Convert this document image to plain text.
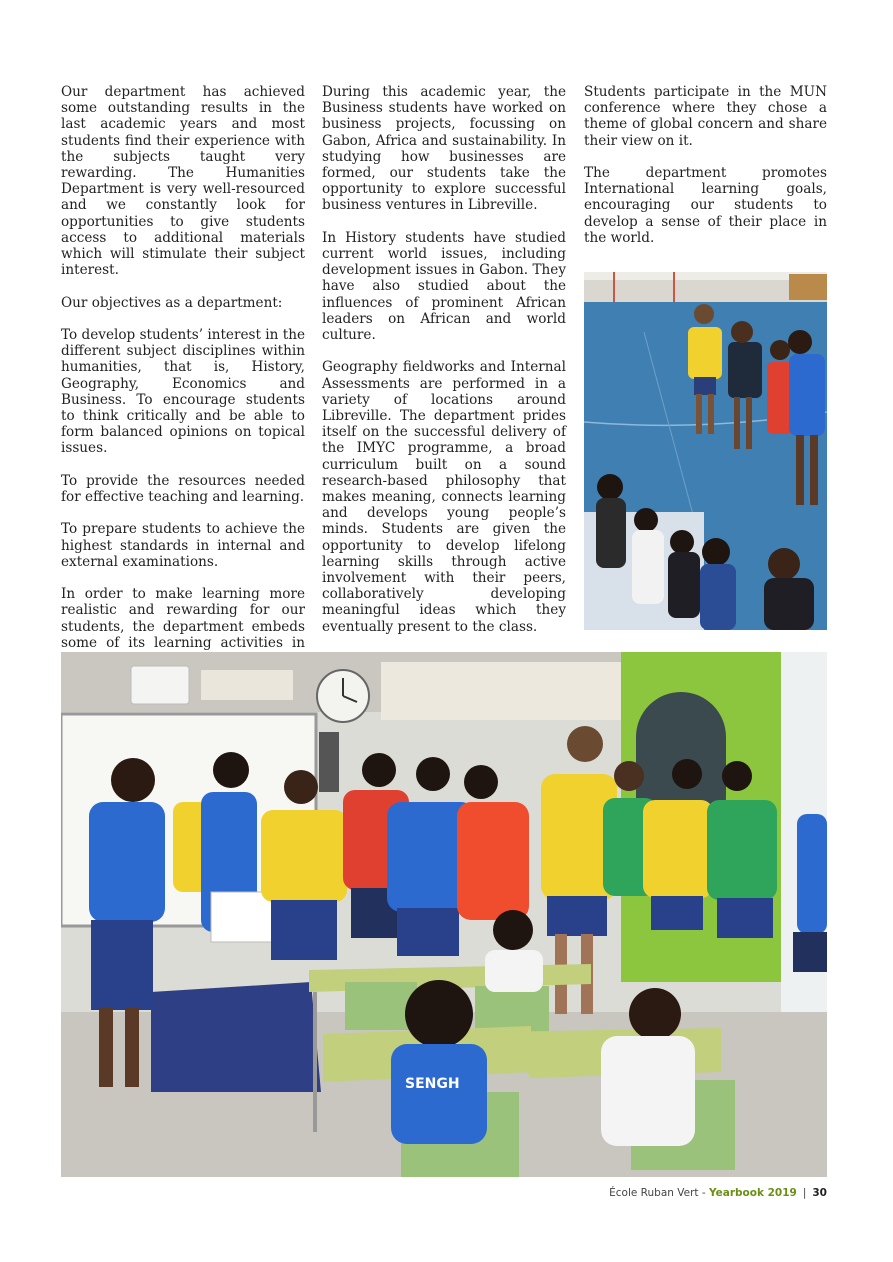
Our department has achieved some outstanding results in the last academic years and most students find their experience with the subjects taught very rewarding. The Humanities Department is very well-resourced and we constantly look for opportunities to give students access to additional materials which will stimulate their subject interest.

Our objectives as a department:

To develop students’ interest in the different subject disciplines within humanities, that is, History, Geography, Economics and Business. To encourage students to think critically and be able to form balanced opinions on topical issues.

To provide the resources needed for effective teaching and learning.

To prepare students to achieve the highest standards in internal and external examinations.

In order to make learning more realistic and rewarding for our students, the department embeds some of its learning activities in

During this academic year, the Business students have worked on business projects, focussing on Gabon, Africa and sustainability. In studying how businesses are formed, our students take the opportunity to explore successful business ventures in Libreville.

In History students have studied current world issues, including development issues in Gabon. They have also studied about the influences of prominent African leaders on African and world culture.

Geography fieldworks and Internal Assessments are performed in a variety of locations around Libreville. The department prides itself on the successful delivery of the IMYC programme, a broad curriculum built on a sound research-based philosophy that makes meaning, connects learning and develops young people’s minds. Students are given the opportunity to develop lifelong learning skills through active involvement with their peers, collaboratively developing meaningful ideas which they eventually present to the class.

Students participate in the MUN conference where they chose a theme of global concern and share their view on it.

The department promotes International learning goals, encouraging our students to develop a sense of their place in the world.

SENGH
École Ruban Vert - Yearbook 2019 | 30
